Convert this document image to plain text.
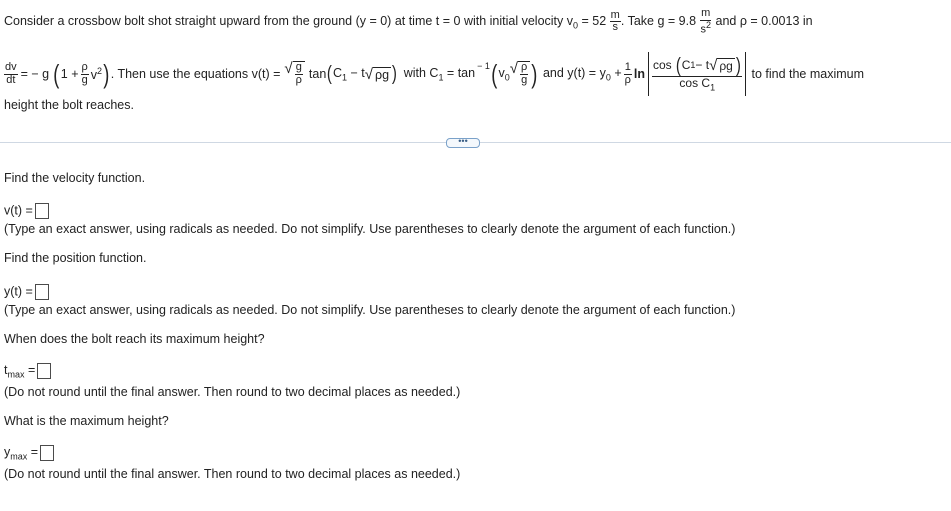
Consider a crossbow bolt shot straight upward from the ground (y = 0) at time t = 0 with initial velocity $v_0 = 52 \frac{m}{s}$ . Take $g = 9.8 \frac{m}{s^2}$ and ρ = 0.0013 in
$\frac{dv}{dt}$ = − g ( $1 + \frac{\rho}{g} v^2$ ) . Then use the equations v(t) = √ $\frac{g}{\rho}$ tan ( $C_1 - t$ √ ρg ) with $C_1 = \tan - 1$ ( $v_0$ √ $\frac{\rho}{g}$ ) and $y(t) = y_0 + \frac{1}{\rho}$ ln cos
( C 1 − t √ ρg )
$\cos C_1$ to find the maximum
height the bolt reaches.
•••
Find the velocity function.
v(t) =
(Type an exact answer, using radicals as needed. Do not simplify. Use parentheses to clearly denote the argument of each function.)
Find the position function.
y(t) =
(Type an exact answer, using radicals as needed. Do not simplify. Use parentheses to clearly denote the argument of each function.)
When does the bolt reach its maximum height?
$t_{max}$ =
(Do not round until the final answer. Then round to two decimal places as needed.)
What is the maximum height?
$y_{max}$ =
(Do not round until the final answer. Then round to two decimal places as needed.)
